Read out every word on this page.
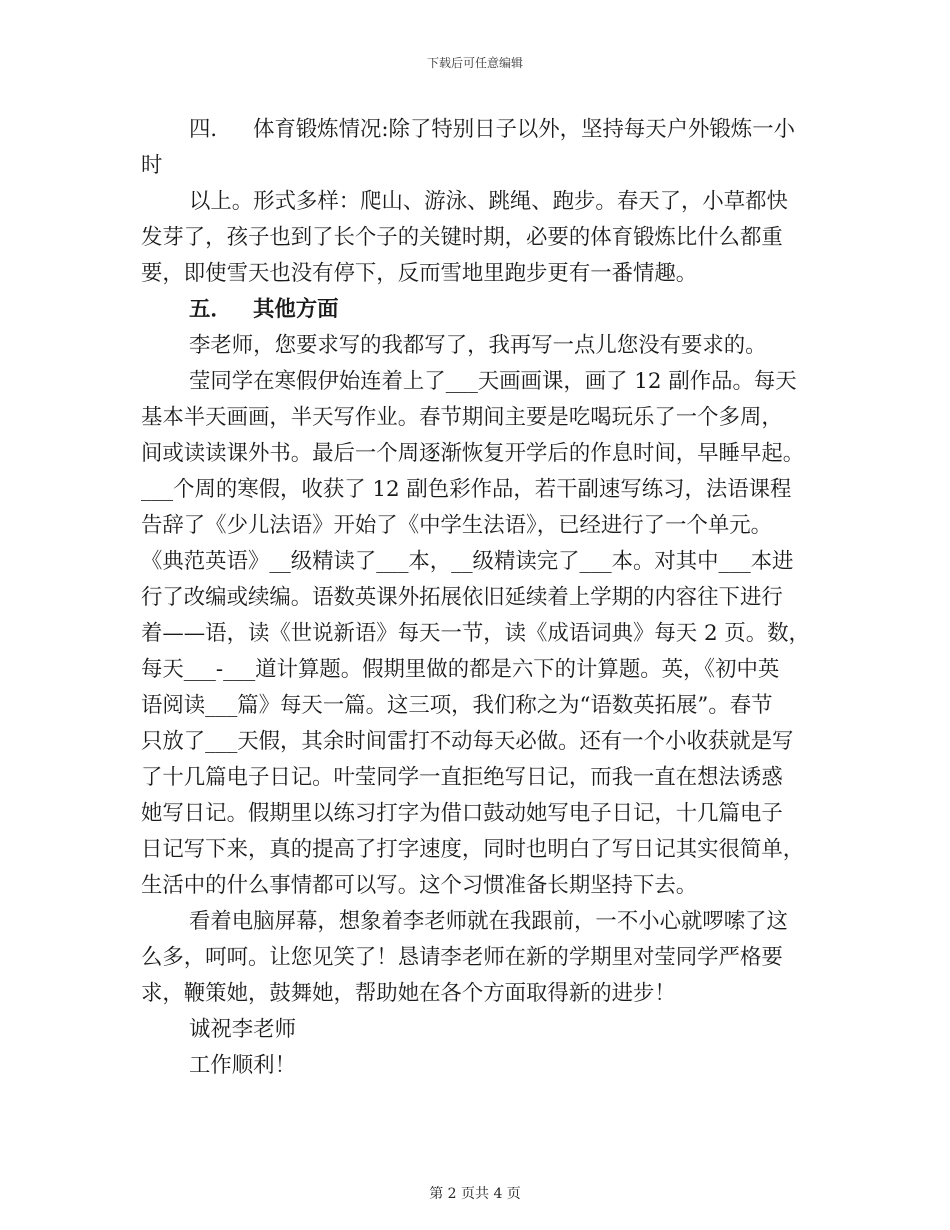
下载后可任意编辑
四． 体育锻炼情况:除了特别日子以外，坚持每天户外锻炼一小
时
以上。形式多样：爬山、游泳、跳绳、跑步。春天了，小草都快
发芽了，孩子也到了长个子的关键时期，必要的体育锻炼比什么都重
要，即使雪天也没有停下，反而雪地里跑步更有一番情趣。
五． 其他方面
李老师，您要求写的我都写了，我再写一点儿您没有要求的。
莹同学在寒假伊始连着上了___天画画课，画了 12 副作品。每天
基本半天画画，半天写作业。春节期间主要是吃喝玩乐了一个多周，
间或读读课外书。最后一个周逐渐恢复开学后的作息时间，早睡早起。
___个周的寒假，收获了 12 副色彩作品，若干副速写练习，法语课程
告辞了《少儿法语》开始了《中学生法语》，已经进行了一个单元。
《典范英语》__级精读了___本，__级精读完了___本。对其中___本进
行了改编或续编。语数英课外拓展依旧延续着上学期的内容往下进行
着——语，读《世说新语》每天一节，读《成语词典》每天 2 页。数，
每天___-___道计算题。假期里做的都是六下的计算题。英，《初中英
语阅读___篇》每天一篇。这三项，我们称之为“语数英拓展”。春节
只放了___天假，其余时间雷打不动每天必做。还有一个小收获就是写
了十几篇电子日记。叶莹同学一直拒绝写日记，而我一直在想法诱惑
她写日记。假期里以练习打字为借口鼓动她写电子日记，十几篇电子
日记写下来，真的提高了打字速度，同时也明白了写日记其实很简单，
生活中的什么事情都可以写。这个习惯准备长期坚持下去。
看着电脑屏幕，想象着李老师就在我跟前，一不小心就啰嗦了这
么多，呵呵。让您见笑了！恳请李老师在新的学期里对莹同学严格要
求，鞭策她，鼓舞她，帮助她在各个方面取得新的进步！
诚祝李老师
工作顺利！
第 2 页共 4 页
